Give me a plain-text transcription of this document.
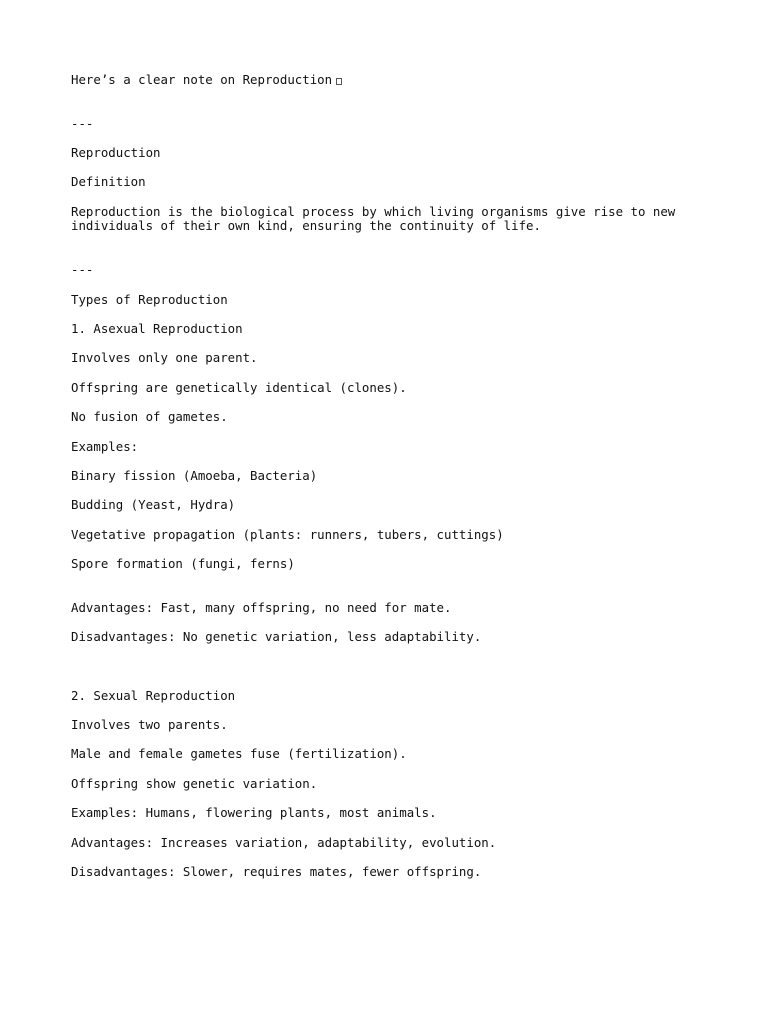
Here’s a clear note on Reproduction

---

Reproduction

Definition

Reproduction is the biological process by which living organisms give rise to new individuals of their own kind, ensuring the continuity of life.

---

Types of Reproduction

1. Asexual Reproduction

Involves only one parent.

Offspring are genetically identical (clones).

No fusion of gametes.

Examples:

Binary fission (Amoeba, Bacteria)

Budding (Yeast, Hydra)

Vegetative propagation (plants: runners, tubers, cuttings)

Spore formation (fungi, ferns)

Advantages: Fast, many offspring, no need for mate.

Disadvantages: No genetic variation, less adaptability.

2. Sexual Reproduction

Involves two parents.

Male and female gametes fuse (fertilization).

Offspring show genetic variation.

Examples: Humans, flowering plants, most animals.

Advantages: Increases variation, adaptability, evolution.

Disadvantages: Slower, requires mates, fewer offspring.
